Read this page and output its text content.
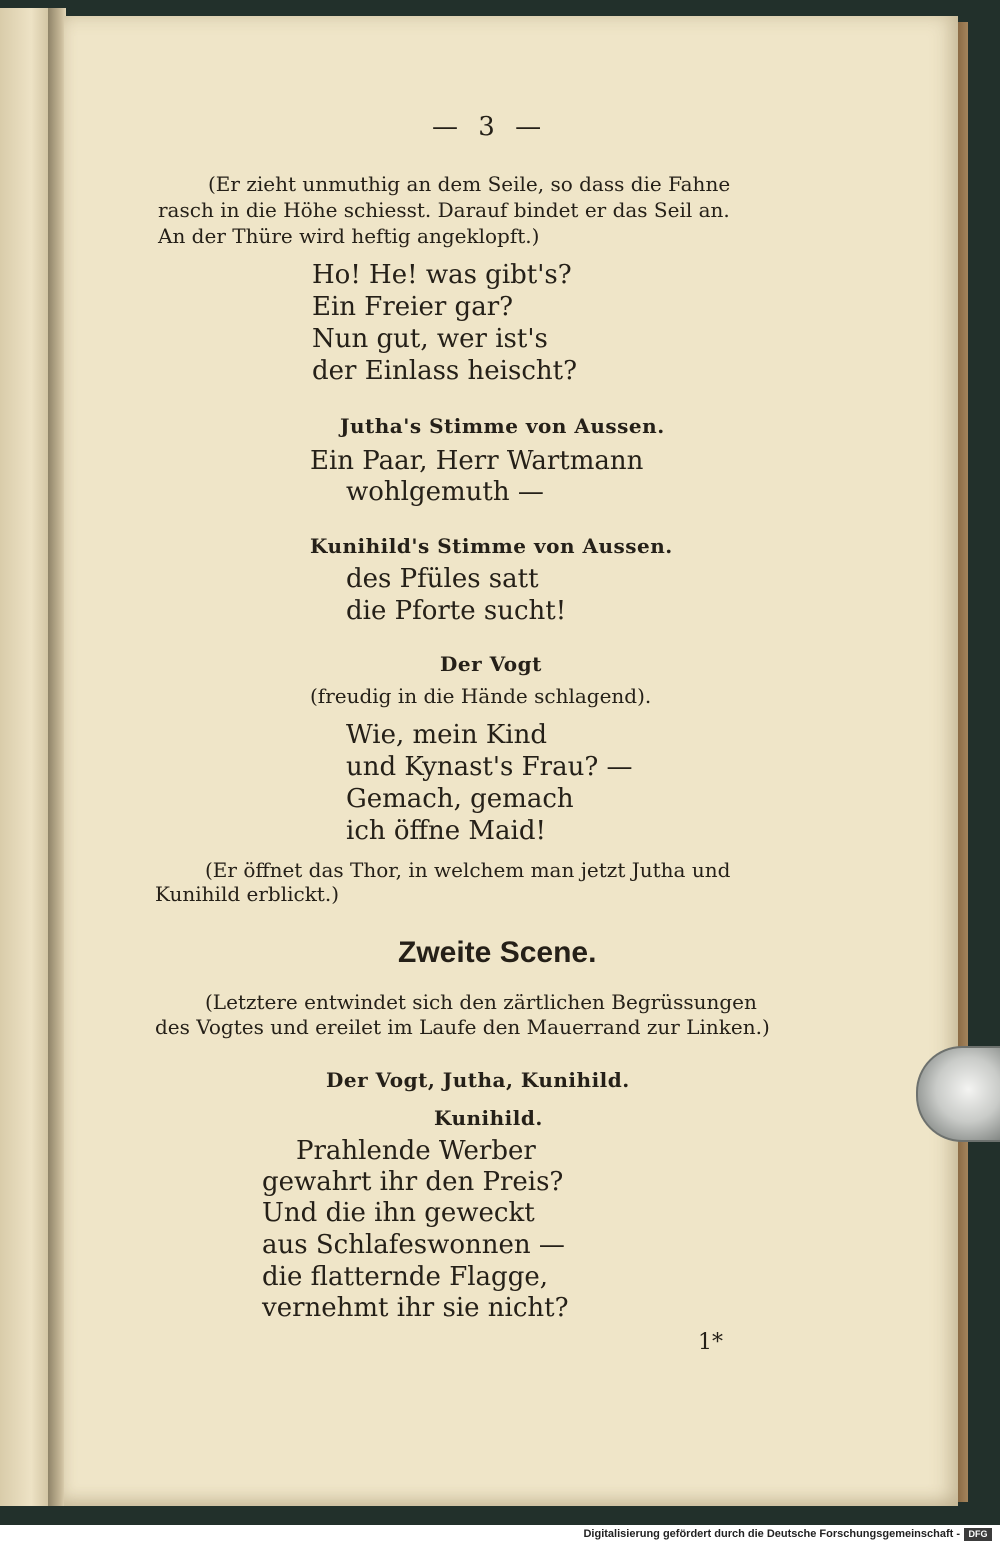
— 3 —

(Er zieht unmuthig an dem Seile, so dass die Fahne

rasch in die Höhe schiesst. Darauf bindet er das Seil an.

An der Thüre wird heftig angeklopft.)

Ho! He! was gibt's?

Ein Freier gar?

Nun gut, wer ist's

der Einlass heischt?

Jutha's Stimme von Aussen.

Ein Paar, Herr Wartmann

wohlgemuth —

Kunihild's Stimme von Aussen.

des Pfüles satt

die Pforte sucht!

Der Vogt

(freudig in die Hände schlagend).

Wie, mein Kind

und Kynast's Frau? —

Gemach, gemach

ich öffne Maid!

(Er öffnet das Thor, in welchem man jetzt Jutha und

Kunihild erblickt.)

Zweite Scene.

(Letztere entwindet sich den zärtlichen Begrüssungen

des Vogtes und ereilet im Laufe den Mauerrand zur Linken.)

Der Vogt, Jutha, Kunihild.

Kunihild.

Prahlende Werber

gewahrt ihr den Preis?

Und die ihn geweckt

aus Schlafeswonnen —

die flatternde Flagge,

vernehmt ihr sie nicht?

1*

Digitalisierung gefördert durch die Deutsche Forschungsgemeinschaft - DFG
